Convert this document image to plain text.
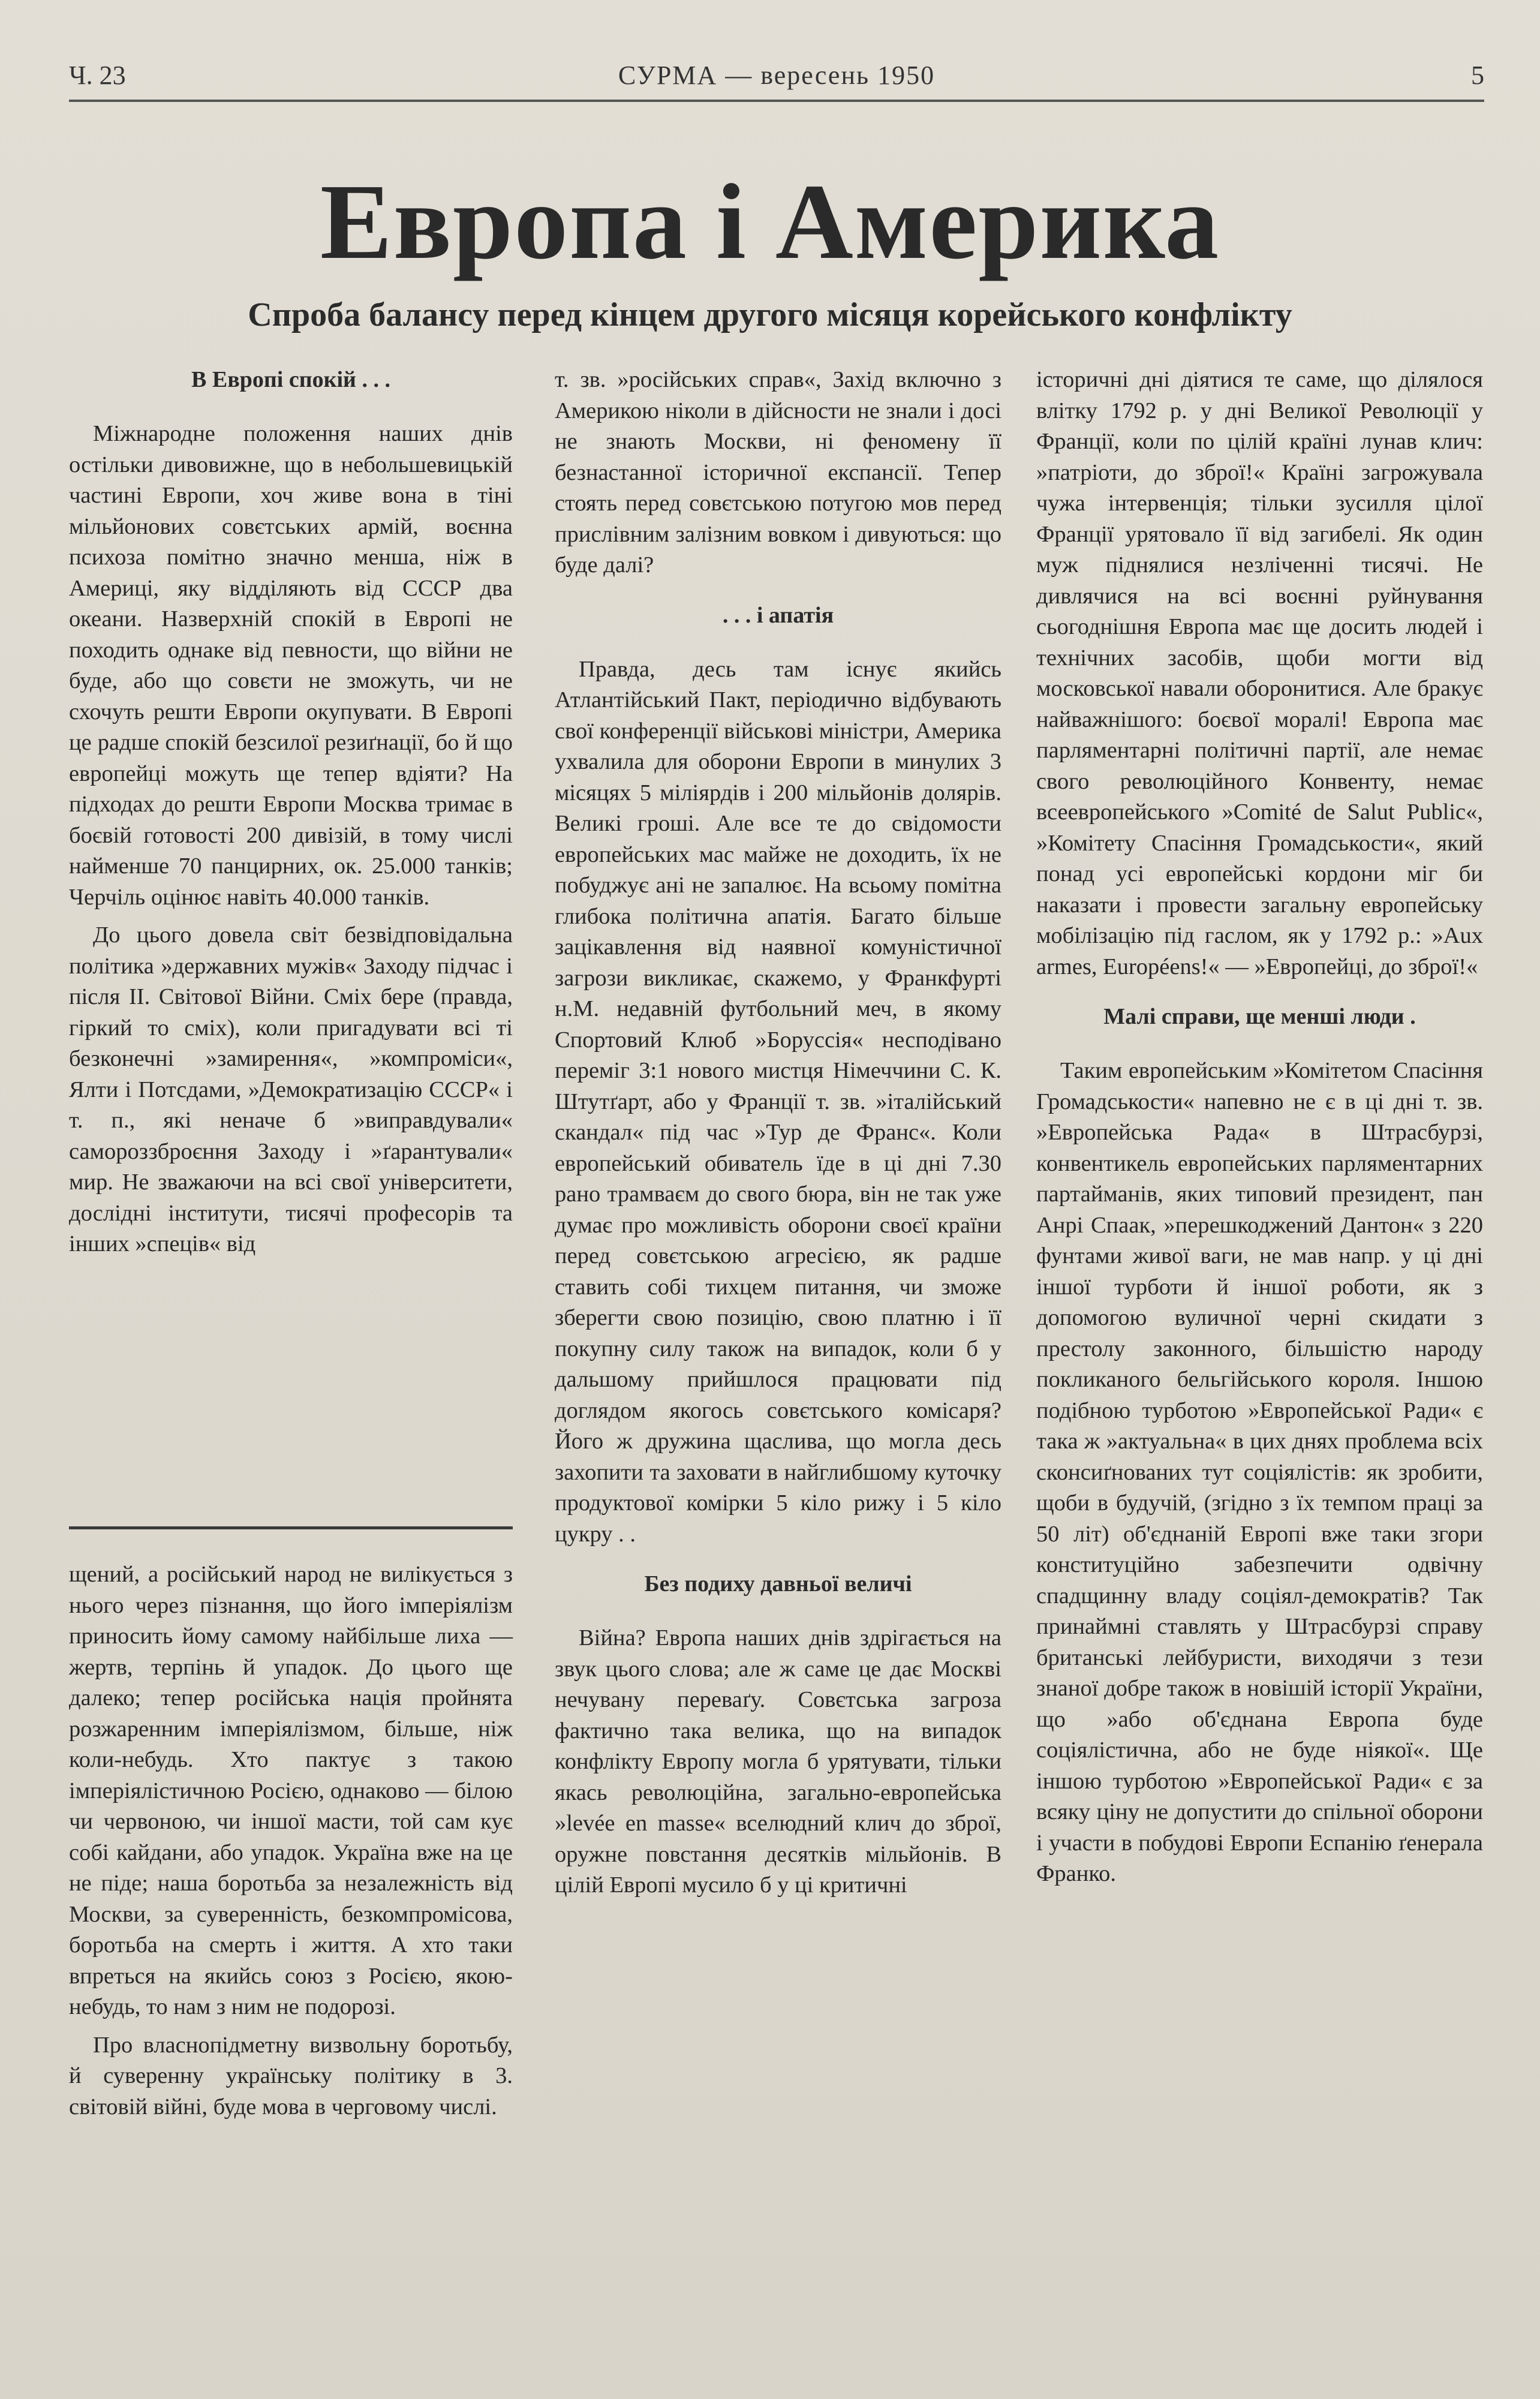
Ч. 23	СУРМА — вересень 1950	5
Европа і Америка
Спроба балансу перед кінцем другого місяця корейського конфлікту
В Европі спокій . . .

Міжнародне положення наших днів остільки дивовижне, що в небольшевицькій частині Европи, хоч живе вона в тіні мільйонових совєтських армій, воєнна психоза помітно значно менша, ніж в Америці, яку відділяють від СССР два океани. Назверхній спокій в Европі не походить однаке від певности, що війни не буде, або що совєти не зможуть, чи не схочуть решти Европи окупувати. В Европі це радше спокій безсилої резиґнації, бо й що европейці можуть ще тепер вдіяти? На підходах до решти Европи Москва тримає в боєвій готовості 200 дивізій, в тому числі найменше 70 панцирних, ок. 25.000 танків; Черчіль оцінює навіть 40.000 танків.

До цього довела світ безвідповідальна політика »державних мужів« Заходу підчас і після II. Світової Війни. Сміх бере (правда, гіркий то сміх), коли пригадувати всі ті безконечні »замирення«, »компроміси«, Ялти і Потсдами, »Демократизацію СССР« і т. п., які неначе б »виправдували« самороззброєння Заходу і »ґарантували« мир. Не зважаючи на всі свої університети, дослідні інститути, тисячі професорів та інших »спеців« від

щений, а російський народ не вилікується з нього через пізнання, що його імперіялізм приносить йому самому найбільше лиха — жертв, терпінь й упадок. До цього ще далеко; тепер російська нація пройнята розжаренним імперіялізмом, більше, ніж коли-небудь. Хто пактує з такою імперіялістичною Росією, однаково — білою чи червоною, чи іншої масти, той сам кує собі кайдани, або упадок. Україна вже на це не піде; наша боротьба за незалежність від Москви, за суверенність, безкомпромісова, боротьба на смерть і життя. А хто таки впреться на якийсь союз з Росією, якою-небудь, то нам з ним не подорозі.

Про власнопідметну визвольну боротьбу, й суверенну українську політику в 3. світовій війні, буде мова в черговому числі.

т. зв. »російських справ«, Захід включно з Америкою ніколи в дійсности не знали і досі не знають Москви, ні феномену її безнастанної історичної експансії. Тепер стоять перед совєтською потугою мов перед прислівним залізним вовком і дивуються: що буде далі?

. . . і апатія

Правда, десь там існує якийсь Атлантійський Пакт, періодично відбувають свої конференції військові міністри, Америка ухвалила для оборони Европи в минулих 3 місяцях 5 міліярдів і 200 мільйонів долярів. Великі гроші. Але все те до свідомости европейських мас майже не доходить, їх не побуджує ані не запалює. На всьому помітна глибока політична апатія. Багато більше зацікавлення від наявної комуністичної загрози викликає, скажемо, у Франкфурті н.М. недавній футбольний меч, в якому Спортовий Клюб »Боруссія« несподівано переміг 3:1 нового мистця Німеччини С. К. Штутґарт, або у Франції т. зв. »італійський скандал« під час »Тур де Франс«. Коли европейський обиватель їде в ці дні 7.30 рано трамваєм до свого бюра, він не так уже думає про можливість оборони своєї країни перед совєтською агресією, як радше ставить собі тихцем питання, чи зможе зберегти свою позицію, свою платню і її покупну силу також на випадок, коли б у дальшому прийшлося працювати під доглядом якогось совєтського комісаря? Його ж дружина щаслива, що могла десь захопити та заховати в найглибшому куточку продуктової комірки 5 кіло рижу і 5 кіло цукру . .

Без подиху давньої величі

Війна? Европа наших днів здрігається на звук цього слова; але ж саме це дає Москві нечувану переваґу. Совєтська загроза фактично така велика, що на випадок конфлікту Европу могла б урятувати, тільки якась революційна, загально-европейська »levée en masse« вселюдний клич до зброї, оружне повстання десятків мільйонів. В цілій Европі мусило б у ці критичні

історичні дні діятися те саме, що ділялося влітку 1792 р. у дні Великої Революції у Франції, коли по цілій країні лунав клич: »патріоти, до зброї!« Країні загрожувала чужа інтервенція; тільки зусилля цілої Франції урятовало її від загибелі. Як один муж піднялися незліченні тисячі. Не дивлячися на всі воєнні руйнування сьогоднішня Европа має ще досить людей і технічних засобів, щоби могти від московської навали оборонитися. Але бракує найважнішого: боєвої моралі! Европа має парляментарні політичні партії, але немає свого революційного Конвенту, немає всеевропейського »Comité de Salut Public«, »Комітету Спасіння Громадськости«, який понад усі европейські кордони міг би наказати і провести загальну европейську мобілізацію під гаслом, як у 1792 р.: »Aux armes, Européens!« — »Европейці, до зброї!«

Малі справи, ще менші люди .

Таким европейським »Комітетом Спасіння Громадськости« напевно не є в ці дні т. зв. »Европейська Рада« в Штрасбурзі, конвентикель европейських парляментарних партайманів, яких типовий президент, пан Анрі Спаак, »перешкоджений Дантон« з 220 фунтами живої ваги, не мав напр. у ці дні іншої турботи й іншої роботи, як з допомогою вуличної черні скидати з престолу законного, більшістю народу покликаного бельгійського короля. Іншою подібною турботою »Европейської Ради« є така ж »актуальна« в цих днях проблема всіх сконсиґнованих тут соціялістів: як зробити, щоби в будучій, (згідно з їх темпом праці за 50 літ) об'єднаній Европі вже таки згори конституційно забезпечити одвічну спадщинну владу соціял-демократів? Так принаймні ставлять у Штрасбурзі справу британські лейбуристи, виходячи з тези знаної добре також в новішій історії України, що »або об'єднана Европа буде соціялістична, або не буде ніякої«. Ще іншою турботою »Европейської Ради« є за всяку ціну не допустити до спільної оборони і участи в побудові Европи Еспанію ґенерала Франко.
